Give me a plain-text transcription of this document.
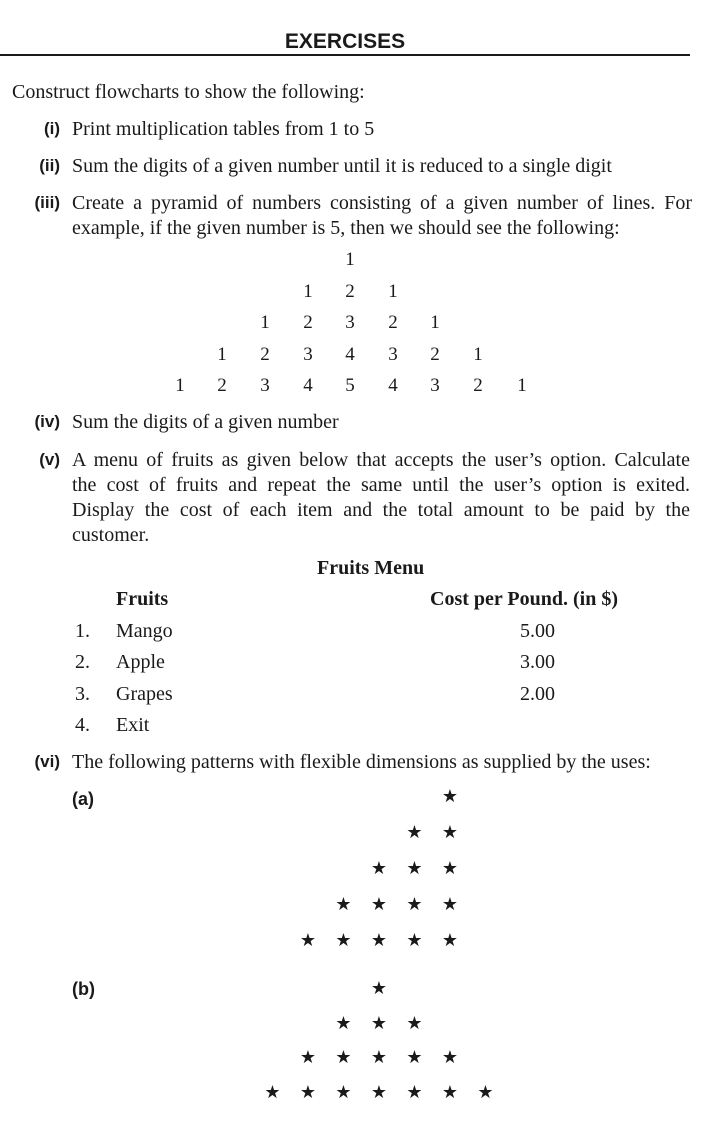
EXERCISES
Construct flowcharts to show the following:
(i) Print multiplication tables from 1 to 5
(ii) Sum the digits of a given number until it is reduced to a single digit
(iii) Create a pyramid of numbers consisting of a given number of lines. For
example, if the given number is 5, then we should see the following:
1
1 2 1
1 2 3 2 1
1 2 3 4 3 2 1
1 2 3 4 5 4 3 2 1
(iv) Sum the digits of a given number
(v) A menu of fruits as given below that accepts the user’s option. Calculate
the cost of fruits and repeat the same until the user’s option is exited.
Display the cost of each item and the total amount to be paid by the
customer.
Fruits Menu
Fruits	Cost per Pound. (in $)
1. Mango	5.00
2. Apple	3.00
3. Grapes	2.00
4. Exit
(vi) The following patterns with flexible dimensions as supplied by the uses:
(a)	★
★ ★
★ ★ ★
★ ★ ★ ★
★ ★ ★ ★ ★
(b)	★
★ ★ ★
★ ★ ★ ★ ★
★ ★ ★ ★ ★ ★ ★
